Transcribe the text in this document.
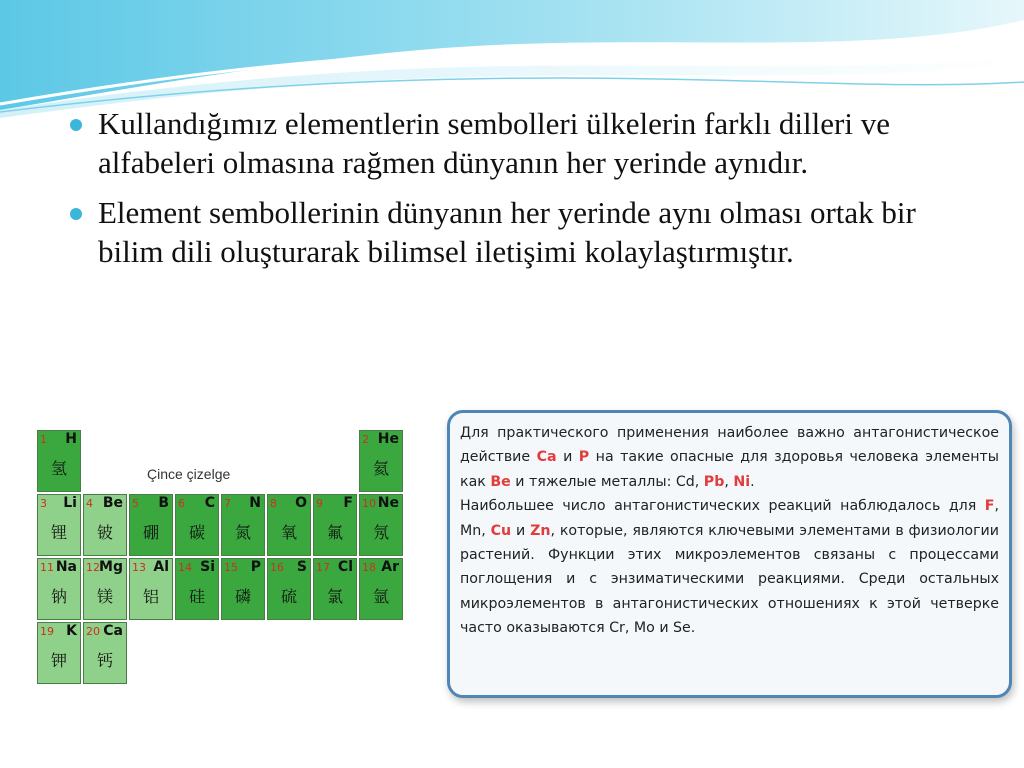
Kullandığımız elementlerin sembolleri ülkelerin farklı dilleri ve alfabeleri olmasına rağmen dünyanın her yerinde aynıdır.
Element sembollerinin dünyanın her yerinde aynı olması ortak bir bilim dili oluşturarak bilimsel iletişimi kolaylaştırmıştır.
Çince çizelge
1 H
氢
2 He
氦
3 Li
锂
4 Be
铍
5 B
硼
6 C
碳
7 N
氮
8 O
氧
9 F
氟
10 Ne
氖
11 Na
钠
12 Mg
镁
13 Al
铝
14 Si
硅
15 P
磷
16 S
硫
17 Cl
氯
18 Ar
氩
19 K
钾
20 Ca
钙

Для практического применения наиболее важно антагонистическое действие Ca и P на такие опасные для здоровья человека элементы как Be и тяжелые металлы: Cd, Pb, Ni.

Наибольшее число антагонистических реакций наблюдалось для F, Mn, Cu и Zn, которые, являются ключевыми элементами в физиологии растений. Функции этих микроэлементов связаны с процессами поглощения и с энзиматическими реакциями. Среди остальных микроэлементов в антагонистических отношениях к этой четверке часто оказываются Cr, Mo и Se.
